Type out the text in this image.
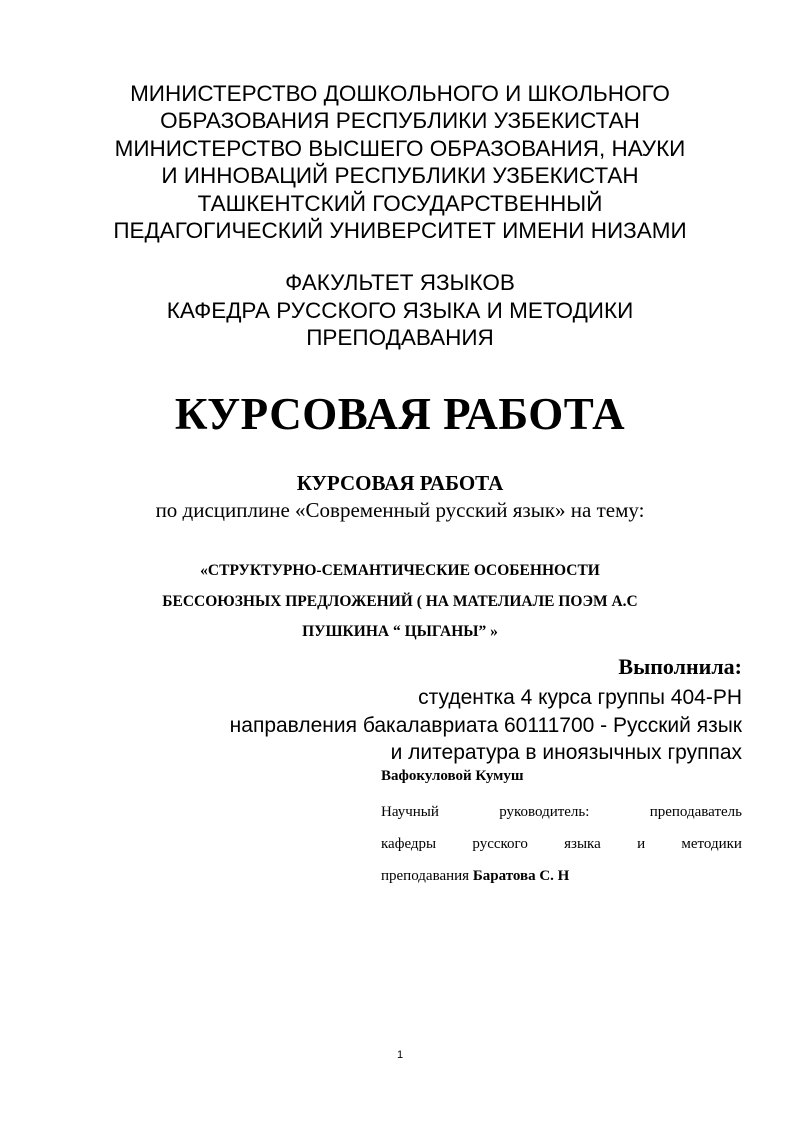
МИНИСТЕРСТВО ДОШКОЛЬНОГО И ШКОЛЬНОГО
ОБРАЗОВАНИЯ РЕСПУБЛИКИ УЗБЕКИСТАН
МИНИСТЕРСТВО ВЫСШЕГО ОБРАЗОВАНИЯ, НАУКИ
И ИННОВАЦИЙ РЕСПУБЛИКИ УЗБЕКИСТАН
ТАШКЕНТСКИЙ ГОСУДАРСТВЕННЫЙ
ПЕДАГОГИЧЕСКИЙ УНИВЕРСИТЕТ ИМЕНИ НИЗАМИ
ФАКУЛЬТЕТ ЯЗЫКОВ
КАФЕДРА РУССКОГО ЯЗЫКА И МЕТОДИКИ
ПРЕПОДАВАНИЯ
КУРСОВАЯ РАБОТА
КУРСОВАЯ РАБОТА
по дисциплине «Современный русский язык» на тему:
«СТРУКТУРНО-СЕМАНТИЧЕСКИЕ ОСОБЕННОСТИ
БЕССОЮЗНЫХ ПРЕДЛОЖЕНИЙ ( НА МАТЕЛИАЛЕ ПОЭМ А.С
ПУШКИНА “ ЦЫГАНЫ” »
Выполнила:
студентка 4 курса группы 404-РН
направления бакалавриата 60111700 - Русский язык
и литература в иноязычных группах
Вафокуловой Кумуш
Научный	руководитель:	преподаватель
кафедры русского языка и методики
преподавания Баратова С. Н
1
